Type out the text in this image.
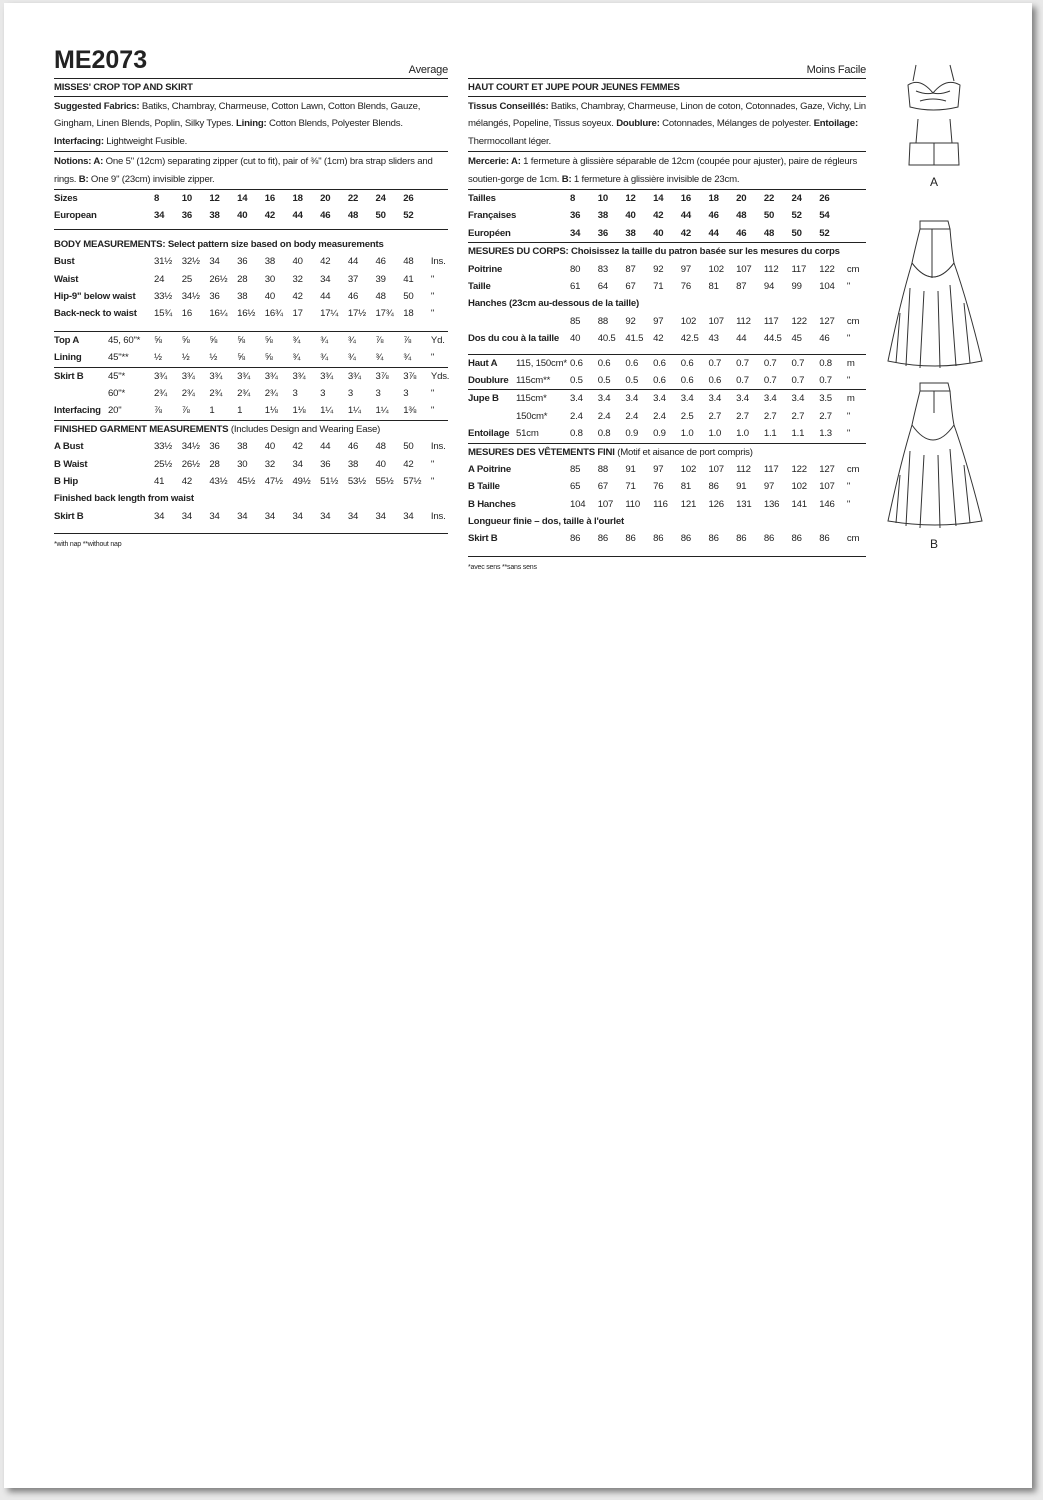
ME2073	Average
MISSES' CROP TOP AND SKIRT
Suggested Fabrics: Batiks, Chambray, Charmeuse, Cotton Lawn, Cotton Blends, Gauze, Gingham, Linen Blends, Poplin, Silky Types. Lining: Cotton Blends, Polyester Blends. Interfacing: Lightweight Fusible.
Notions: A: One 5" (12cm) separating zipper (cut to fit), pair of ⅜" (1cm) bra strap sliders and rings. B: One 9" (23cm) invisible zipper.
Sizes	8	10	12	14	16	18	20	22	24	26
European	34	36	38	40	42	44	46	48	50	52
BODY MEASUREMENTS: Select pattern size based on body measurements
Bust	31½	32½	34	36	38	40	42	44	46	48	Ins.
Waist	24	25	26½	28	30	32	34	37	39	41	"
Hip-9" below waist	33½	34½	36	38	40	42	44	46	48	50	"
Back-neck to waist	15¾	16	16¼	16½	16¾	17	17¼	17½	17¾	18	"
Top A	45, 60"*	⅝	⅝	⅝	⅝	⅝	¾	¾	¾	⅞	⅞	Yd.
Lining	45"**	½	½	½	⅝	⅝	¾	¾	¾	¾	¾	"
Skirt B	45"*	3¾	3¾	3¾	3¾	3¾	3¾	3¾	3¾	3⅞	3⅞	Yds.
60"*	2¾	2¾	2¾	2¾	2¾	3	3	3	3	3	"
Interfacing 20"	⅞	⅞	1	1	1⅛	1⅛	1¼	1¼	1¼	1⅜	"
FINISHED GARMENT MEASUREMENTS (Includes Design and Wearing Ease)
A Bust	33½	34½	36	38	40	42	44	46	48	50	Ins.
B Waist	25½	26½	28	30	32	34	36	38	40	42	"
B Hip	41	42	43½	45½	47½	49½	51½	53½	55½	57½	"
Finished back length from waist
Skirt B	34	34	34	34	34	34	34	34	34	34	Ins.
*with nap **without nap
Moins Facile
HAUT COURT ET JUPE POUR JEUNES FEMMES
Tissus Conseillés: Batiks, Chambray, Charmeuse, Linon de coton, Cotonnades, Gaze, Vichy, Lin mélangés, Popeline, Tissus soyeux. Doublure: Cotonnades, Mélanges de polyester. Entoilage: Thermocollant léger.
Mercerie: A: 1 fermeture à glissière séparable de 12cm (coupée pour ajuster), paire de régleurs soutien-gorge de 1cm. B: 1 fermeture à glissière invisible de 23cm.
Tailles	8	10	12	14	16	18	20	22	24	26
Françaises	36	38	40	42	44	46	48	50	52	54
Européen	34	36	38	40	42	44	46	48	50	52
MESURES DU CORPS: Choisissez la taille du patron basée sur les mesures du corps
Poitrine	80	83	87	92	97	102	107	112	117	122	cm
Taille	61	64	67	71	76	81	87	94	99	104	"
Hanches (23cm au-dessous de la taille)
85	88	92	97	102	107	112	117	122	127	cm
Dos du cou à la taille	40	40.5	41.5	42	42.5	43	44	44.5	45	46	"
Haut A	115, 150cm* 0.6	0.6	0.6	0.6	0.6	0.7	0.7	0.7	0.7	0.8	m
Doublure 115cm**	0.5	0.5	0.5	0.6	0.6	0.6	0.7	0.7	0.7	0.7	"
Jupe B	115cm*	3.4	3.4	3.4	3.4	3.4	3.4	3.4	3.4	3.4	3.5	m
150cm*	2.4	2.4	2.4	2.4	2.5	2.7	2.7	2.7	2.7	2.7	"
Entoilage 51cm	0.8	0.8	0.9	0.9	1.0	1.0	1.0	1.1	1.1	1.3	"
MESURES DES VÊTEMENTS FINI (Motif et aisance de port compris)
A Poitrine	85	88	91	97	102	107	112	117	122	127	cm
B Taille	65	67	71	76	81	86	91	97	102	107	"
B Hanches	104	107	110	116	121	126	131	136	141	146	"
Longueur finie – dos, taille à l'ourlet
Skirt B	86	86	86	86	86	86	86	86	86	86	cm
*avec sens **sans sens
A
B
